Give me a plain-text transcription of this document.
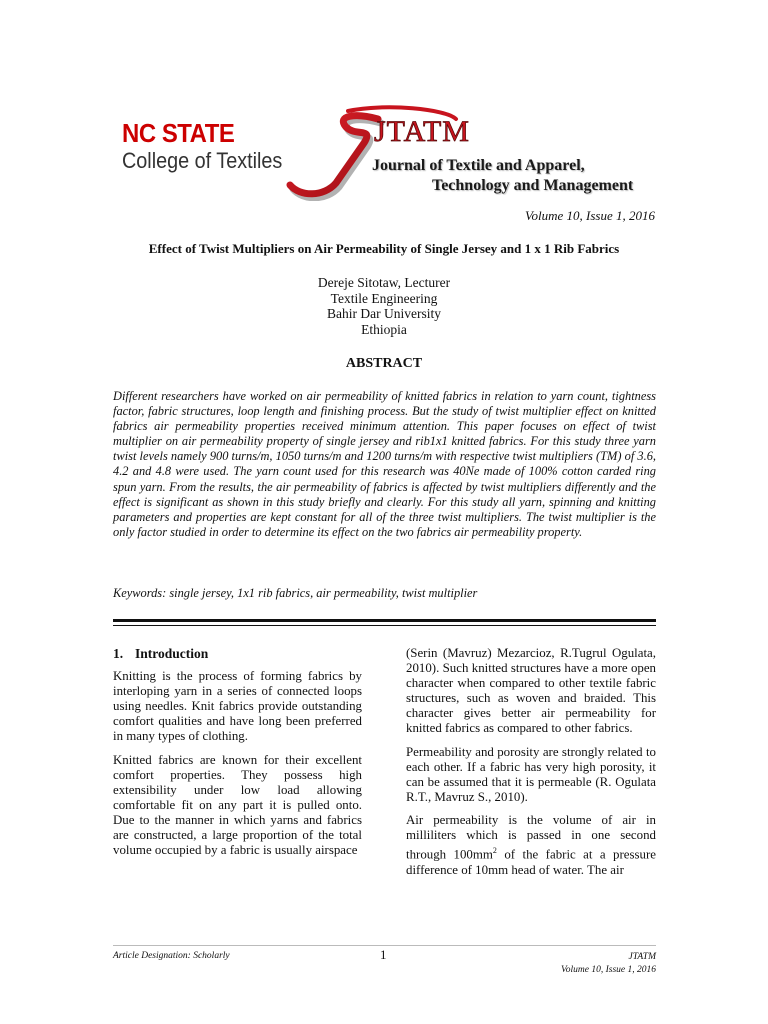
NC STATE
College of Textiles
JTATM
Journal of Textile and Apparel,
Technology and Management
Volume 10, Issue 1, 2016
Effect of Twist Multipliers on Air Permeability of Single Jersey and 1 x 1 Rib Fabrics
Dereje Sitotaw, Lecturer
Textile Engineering
Bahir Dar University
Ethiopia
ABSTRACT
Different researchers have worked on air permeability of knitted fabrics in relation to yarn count, tightness factor, fabric structures, loop length and finishing process. But the study of twist multiplier effect on knitted fabrics air permeability properties received minimum attention. This paper focuses on effect of twist multiplier on air permeability property of single jersey and rib1x1 knitted fabrics. For this study three yarn twist levels namely 900 turns/m, 1050 turns/m and 1200 turns/m with respective twist multipliers (TM) of 3.6, 4.2 and 4.8 were used. The yarn count used for this research was 40Ne made of 100% cotton carded ring spun yarn. From the results, the air permeability of fabrics is affected by twist multipliers differently and the effect is significant as shown in this study briefly and clearly. For this study all yarn, spinning and knitting parameters and properties are kept constant for all of the three twist multipliers. The twist multiplier is the only factor studied in order to determine its effect on the two fabrics air permeability property.
Keywords: single jersey, 1x1 rib fabrics, air permeability, twist multiplier
1. Introduction

Knitting is the process of forming fabrics by interloping yarn in a series of connected loops using needles. Knit fabrics provide outstanding comfort qualities and have long been preferred in many types of clothing.

Knitted fabrics are known for their excellent comfort properties. They possess high extensibility under low load allowing comfortable fit on any part it is pulled onto. Due to the manner in which yarns and fabrics are constructed, a large proportion of the total volume occupied by a fabric is usually airspace

(Serin (Mavruz) Mezarcioz, R.Tugrul Ogulata, 2010). Such knitted structures have a more open character when compared to other textile fabric structures, such as woven and braided. This character gives better air permeability for knitted fabrics as compared to other fabrics.

Permeability and porosity are strongly related to each other. If a fabric has very high porosity, it can be assumed that it is permeable (R. Ogulata R.T., Mavruz S., 2010).

Air permeability is the volume of air in milliliters which is passed in one second through $100mm^2$ of the fabric at a pressure difference of 10mm head of water. The air

Article Designation: Scholarly	1	JTATM
Volume 10, Issue 1, 2016
